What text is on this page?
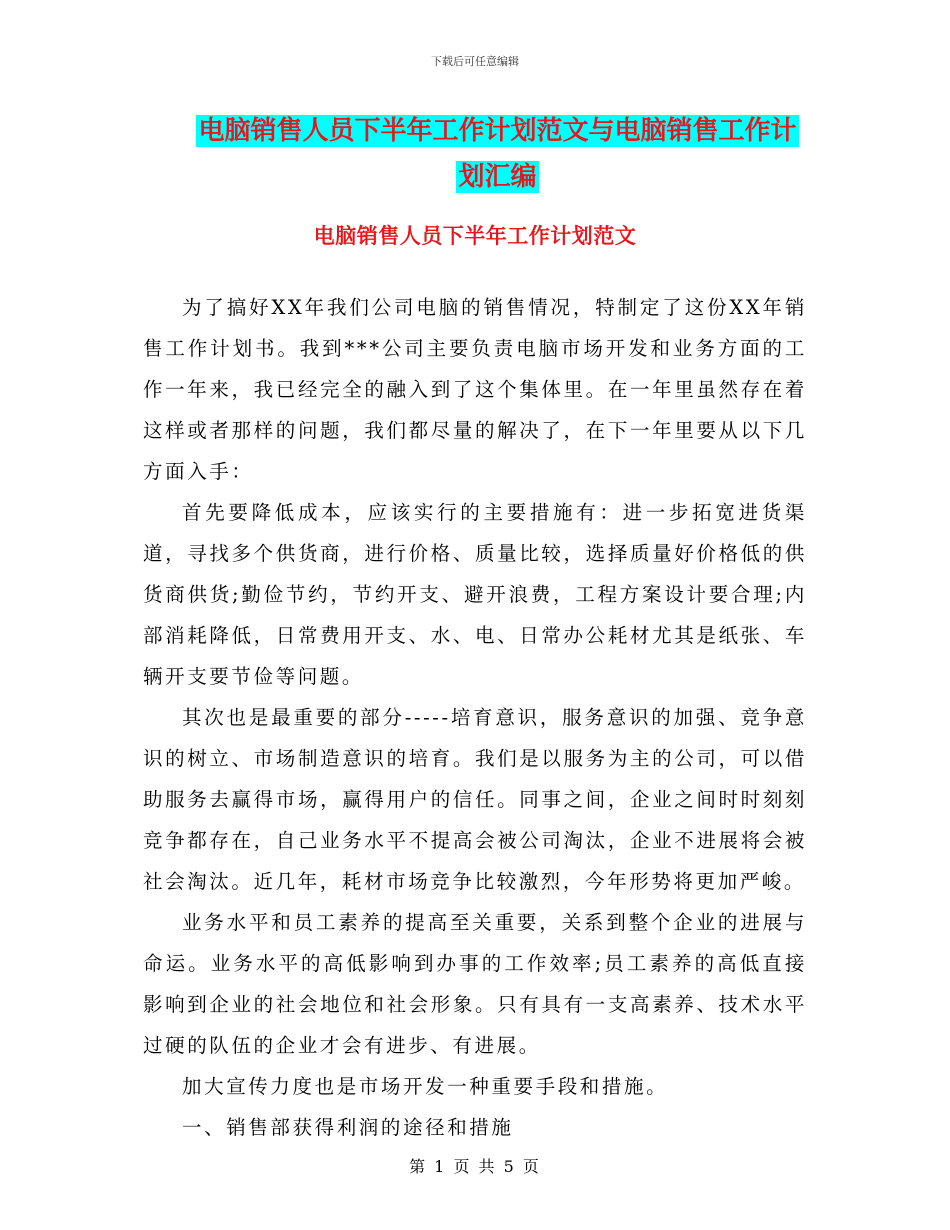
下载后可任意编辑
电脑销售人员下半年工作计划范文与电脑销售工作计
划汇编
电脑销售人员下半年工作计划范文

为了搞好XX年我们公司电脑的销售情况，特制定了这份XX年销售工作计划书。我到***公司主要负责电脑市场开发和业务方面的工作一年来，我已经完全的融入到了这个集体里。在一年里虽然存在着这样或者那样的问题，我们都尽量的解决了，在下一年里要从以下几方面入手：

首先要降低成本，应该实行的主要措施有：进一步拓宽进货渠道，寻找多个供货商，进行价格、质量比较，选择质量好价格低的供货商供货;勤俭节约，节约开支、避开浪费，工程方案设计要合理;内部消耗降低，日常费用开支、水、电、日常办公耗材尤其是纸张、车辆开支要节俭等问题。

其次也是最重要的部分-----培育意识，服务意识的加强、竞争意识的树立、市场制造意识的培育。我们是以服务为主的公司，可以借助服务去赢得市场，赢得用户的信任。同事之间，企业之间时时刻刻竞争都存在，自己业务水平不提高会被公司淘汰，企业不进展将会被社会淘汰。近几年，耗材市场竞争比较激烈，今年形势将更加严峻。

业务水平和员工素养的提高至关重要，关系到整个企业的进展与命运。业务水平的高低影响到办事的工作效率;员工素养的高低直接影响到企业的社会地位和社会形象。只有具有一支高素养、技术水平过硬的队伍的企业才会有进步、有进展。

加大宣传力度也是市场开发一种重要手段和措施。

一、销售部获得利润的途径和措施

第 1 页 共 5 页
